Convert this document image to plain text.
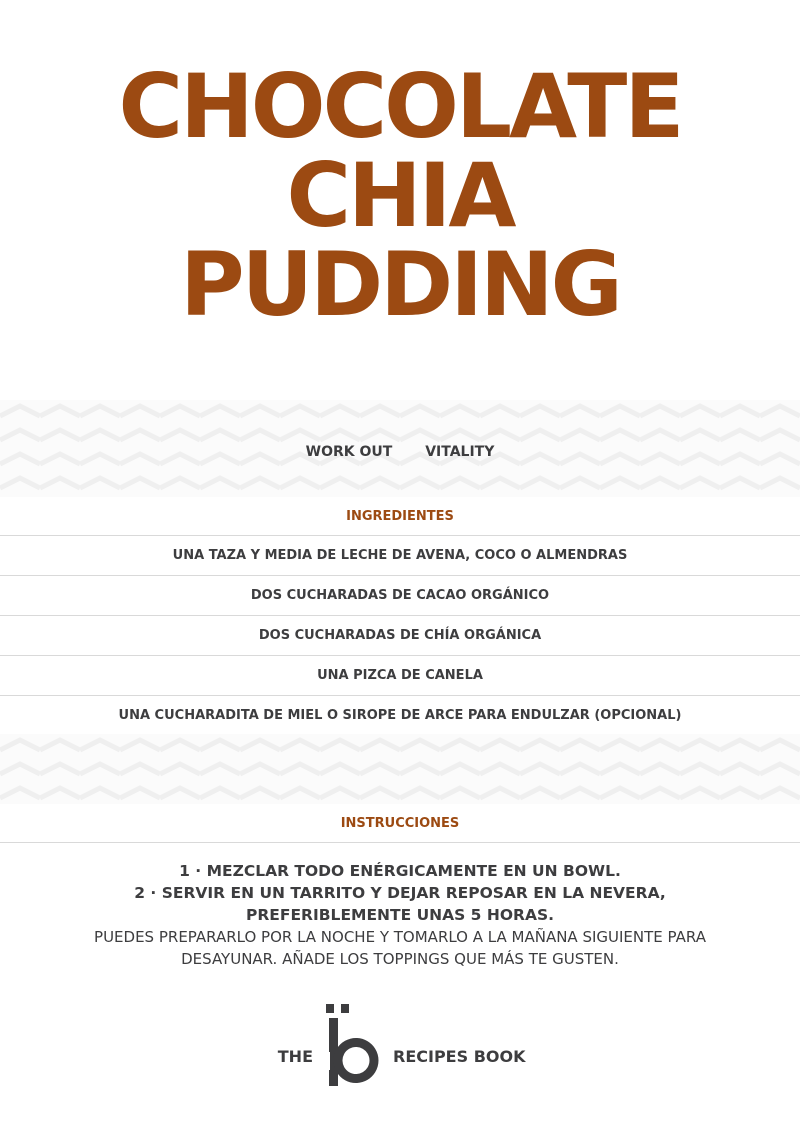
CHOCOLATE
CHIA
PUDDING
WORK OUT VITALITY
INGREDIENTES
UNA TAZA Y MEDIA DE LECHE DE AVENA, COCO O ALMENDRAS
DOS CUCHARADAS DE CACAO ORGÁNICO
DOS CUCHARADAS DE CHÍA ORGÁNICA
UNA PIZCA DE CANELA
UNA CUCHARADITA DE MIEL O SIROPE DE ARCE PARA ENDULZAR (OPCIONAL)
INSTRUCCIONES
1 · MEZCLAR TODO ENÉRGICAMENTE EN UN BOWL.
2 · SERVIR EN UN TARRITO Y DEJAR REPOSAR EN LA NEVERA, PREFERIBLEMENTE UNAS 5 HORAS.
PUEDES PREPARARLO POR LA NOCHE Y TOMARLO A LA MAÑANA SIGUIENTE PARA DESAYUNAR. AÑADE LOS TOPPINGS QUE MÁS TE GUSTEN.
THE	RECIPES BOOK
